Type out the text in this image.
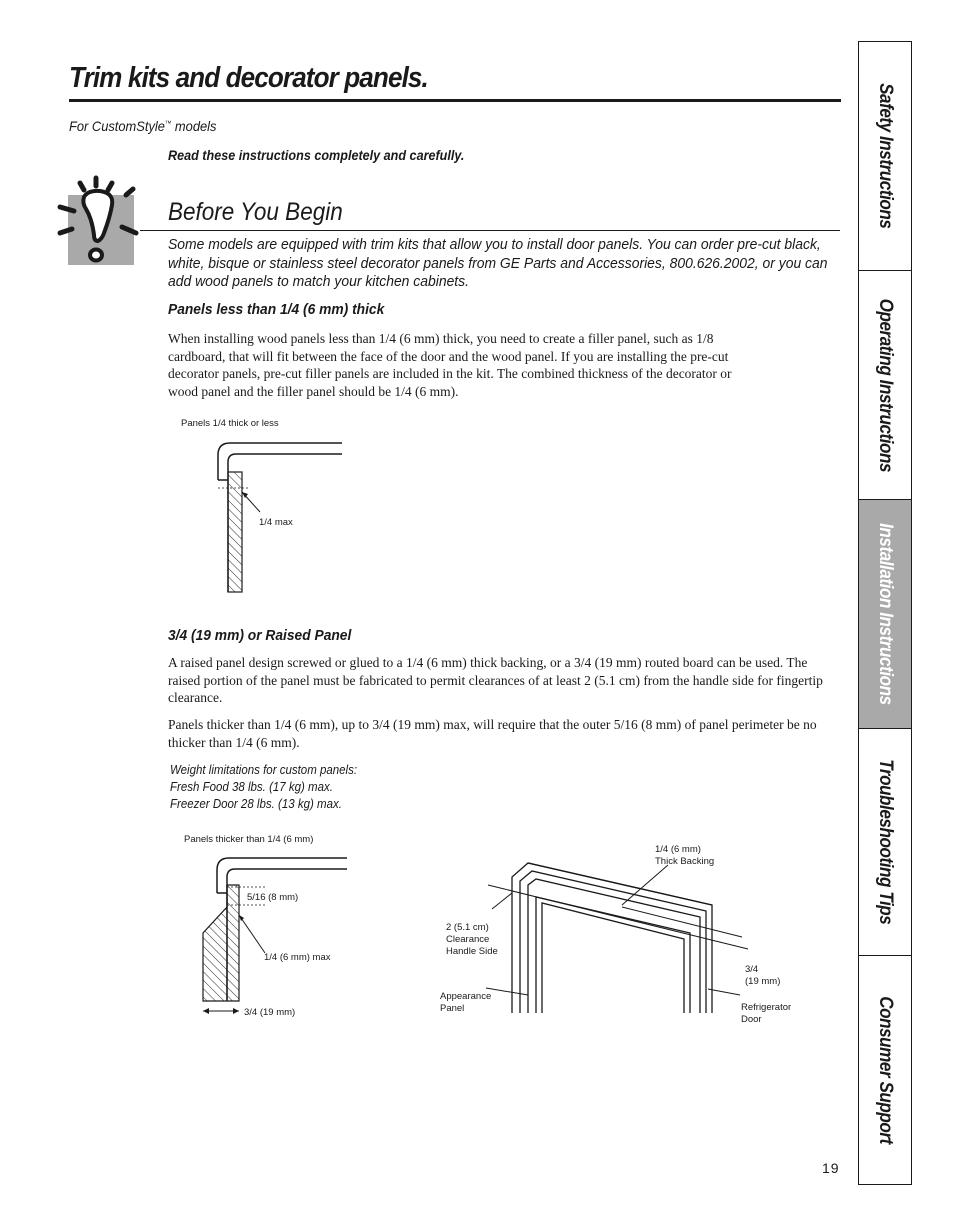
Trim kits and decorator panels.
For CustomStyle™ models
Read these instructions completely and carefully.
Before You Begin
Some models are equipped with trim kits that allow you to install door panels. You can order pre-cut black, white, bisque or stainless steel decorator panels from GE Parts and Accessories, 800.626.2002, or you can add wood panels to match your kitchen cabinets.
Panels less than 1/4 (6 mm) thick
When installing wood panels less than 1/4 (6 mm) thick, you need to create a filler panel, such as 1/8 cardboard, that will fit between the face of the door and the wood panel. If you are installing the pre-cut decorator panels, pre-cut filler panels are included in the kit. The combined thickness of the decorator or wood panel and the filler panel should be 1/4 (6 mm).
Panels 1/4 thick or less
1/4 max
3/4 (19 mm) or Raised Panel
A raised panel design screwed or glued to a 1/4 (6 mm) thick backing, or a 3/4 (19 mm) routed board can be used. The raised portion of the panel must be fabricated to permit clearances of at least 2 (5.1 cm) from the handle side for fingertip clearance.
Panels thicker than 1/4 (6 mm), up to 3/4 (19 mm) max, will require that the outer 5/16 (8 mm) of panel perimeter be no thicker than 1/4 (6 mm).
Weight limitations for custom panels:
Fresh Food 38 lbs. (17 kg) max.
Freezer Door 28 lbs. (13 kg) max.
Panels thicker than 1/4 (6 mm)
5/16 (8 mm)
1/4 (6 mm) max
3/4 (19 mm)
1/4 (6 mm)
Thick Backing
2 (5.1 cm)
Clearance
Handle Side
3/4
(19 mm)
Appearance
Panel	Refrigerator
Door
Safety Instructions
Operating Instructions
Installation Instructions
Troubleshooting Tips
Consumer Support
19
